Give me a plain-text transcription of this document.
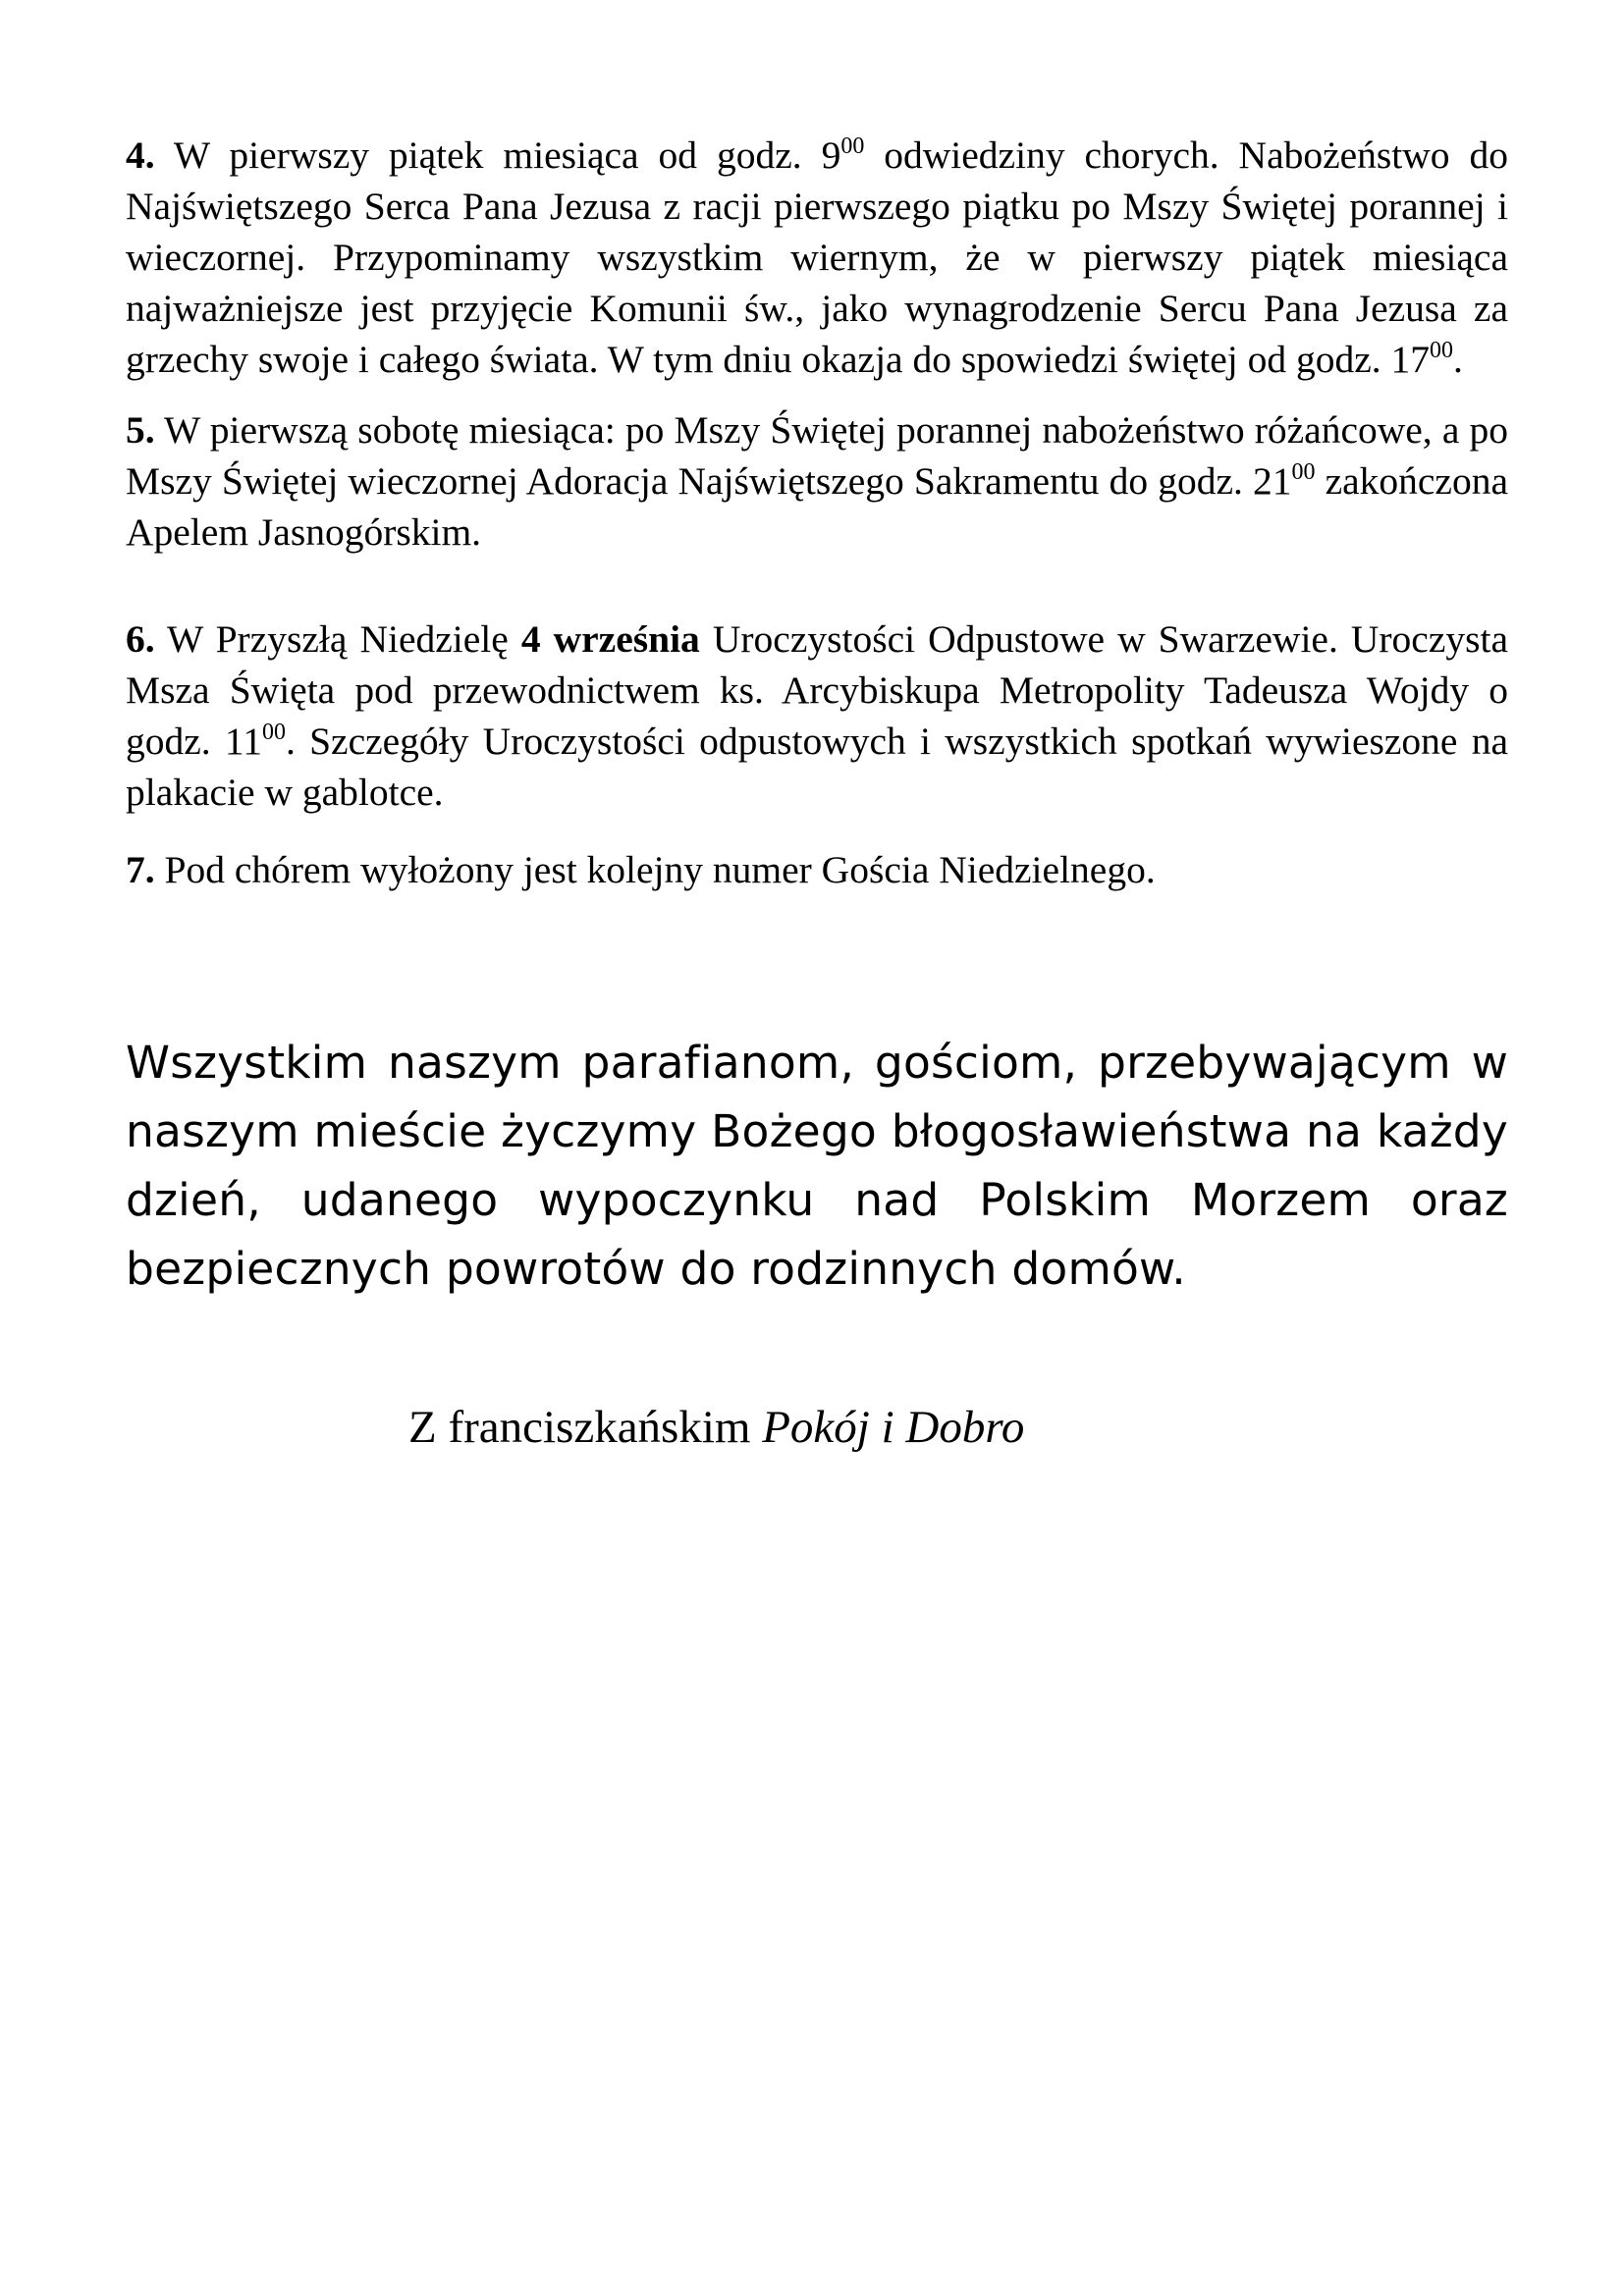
4. W pierwszy piątek miesiąca od godz. $9^{00}$ odwiedziny chorych. Nabożeństwo do Najświętszego Serca Pana Jezusa z racji pierwszego piątku po Mszy Świętej porannej i wieczornej. Przypominamy wszystkim wiernym, że w pierwszy piątek miesiąca najważniejsze jest przyjęcie Komunii św., jako wynagrodzenie Sercu Pana Jezusa za grzechy swoje i całego świata. W tym dniu okazja do spowiedzi świętej od godz. $17^{00}$.

5. W pierwszą sobotę miesiąca: po Mszy Świętej porannej nabożeństwo różańcowe, a po Mszy Świętej wieczornej Adoracja Najświętszego Sakramentu do godz. $21^{00}$ zakończona Apelem Jasnogórskim.

6. W Przyszłą Niedzielę 4 września Uroczystości Odpustowe w Swarzewie. Uroczysta Msza Święta pod przewodnictwem ks. Arcybiskupa Metropolity Tadeusza Wojdy o godz. $11^{00}$. Szczegóły Uroczystości odpustowych i wszystkich spotkań wywieszone na plakacie w gablotce.

7. Pod chórem wyłożony jest kolejny numer Gościa Niedzielnego.

Wszystkim naszym parafianom, gościom, przebywającym w naszym mieście życzymy Bożego błogosławieństwa na każdy dzień, udanego wypoczynku nad Polskim Morzem oraz bezpiecznych powrotów do rodzinnych domów.

Z franciszkańskim Pokój i Dobro
